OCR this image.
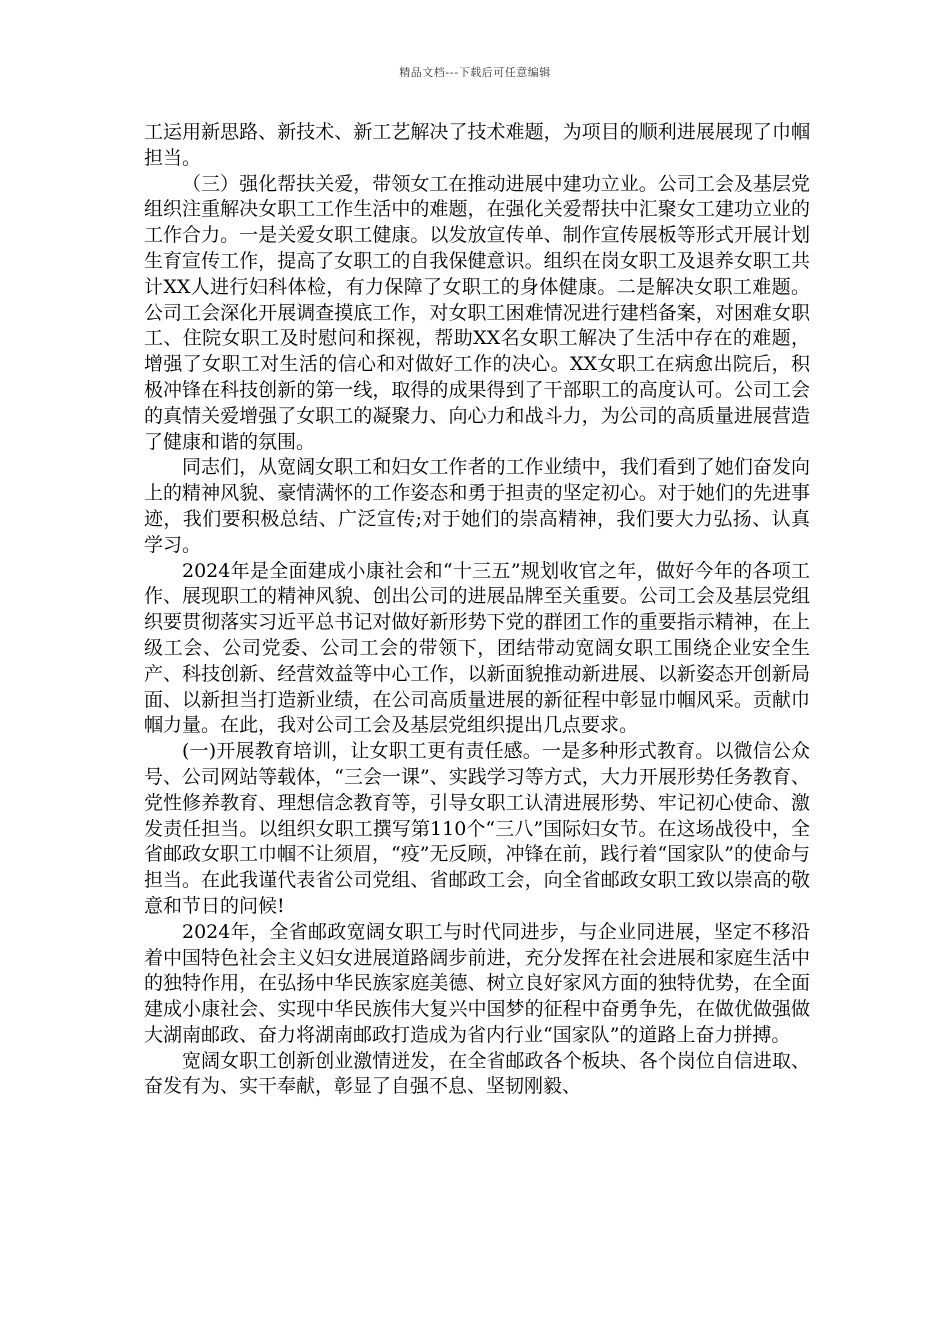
精品文档---下载后可任意编辑

工运用新思路、新技术、新工艺解决了技术难题，为项目的顺利进展展现了巾帼担当。

（三）强化帮扶关爱，带领女工在推动进展中建功立业。公司工会及基层党组织注重解决女职工工作生活中的难题，在强化关爱帮扶中汇聚女工建功立业的工作合力。一是关爱女职工健康。以发放宣传单、制作宣传展板等形式开展计划生育宣传工作，提高了女职工的自我保健意识。组织在岗女职工及退养女职工共计XX人进行妇科体检，有力保障了女职工的身体健康。二是解决女职工难题。公司工会深化开展调查摸底工作，对女职工困难情况进行建档备案，对困难女职工、住院女职工及时慰问和探视，帮助XX名女职工解决了生活中存在的难题，增强了女职工对生活的信心和对做好工作的决心。XX女职工在病愈出院后，积极冲锋在科技创新的第一线，取得的成果得到了干部职工的高度认可。公司工会的真情关爱增强了女职工的凝聚力、向心力和战斗力，为公司的高质量进展营造了健康和谐的氛围。

同志们，从宽阔女职工和妇女工作者的工作业绩中，我们看到了她们奋发向上的精神风貌、豪情满怀的工作姿态和勇于担责的坚定初心。对于她们的先进事迹，我们要积极总结、广泛宣传;对于她们的崇高精神，我们要大力弘扬、认真学习。

2024年是全面建成小康社会和“十三五”规划收官之年，做好今年的各项工作、展现职工的精神风貌、创出公司的进展品牌至关重要。公司工会及基层党组织要贯彻落实习近平总书记对做好新形势下党的群团工作的重要指示精神，在上级工会、公司党委、公司工会的带领下，团结带动宽阔女职工围绕企业安全生产、科技创新、经营效益等中心工作，以新面貌推动新进展、以新姿态开创新局面、以新担当打造新业绩，在公司高质量进展的新征程中彰显巾帼风采。贡献巾帼力量。在此，我对公司工会及基层党组织提出几点要求。

(一)开展教育培训，让女职工更有责任感。一是多种形式教育。以微信公众号、公司网站等载体，“三会一课”、实践学习等方式，大力开展形势任务教育、党性修养教育、理想信念教育等，引导女职工认清进展形势、牢记初心使命、激发责任担当。以组织女职工撰写第110个“三八”国际妇女节。在这场战役中，全省邮政女职工巾帼不让须眉，“疫”无反顾，冲锋在前，践行着“国家队”的使命与担当。在此我谨代表省公司党组、省邮政工会，向全省邮政女职工致以崇高的敬意和节日的问候!

2024年，全省邮政宽阔女职工与时代同进步，与企业同进展，坚定不移沿着中国特色社会主义妇女进展道路阔步前进，充分发挥在社会进展和家庭生活中的独特作用，在弘扬中华民族家庭美德、树立良好家风方面的独特优势，在全面建成小康社会、实现中华民族伟大复兴中国梦的征程中奋勇争先，在做优做强做大湖南邮政、奋力将湖南邮政打造成为省内行业“国家队”的道路上奋力拼搏。

宽阔女职工创新创业激情迸发，在全省邮政各个板块、各个岗位自信进取、奋发有为、实干奉献，彰显了自强不息、坚韧刚毅、
